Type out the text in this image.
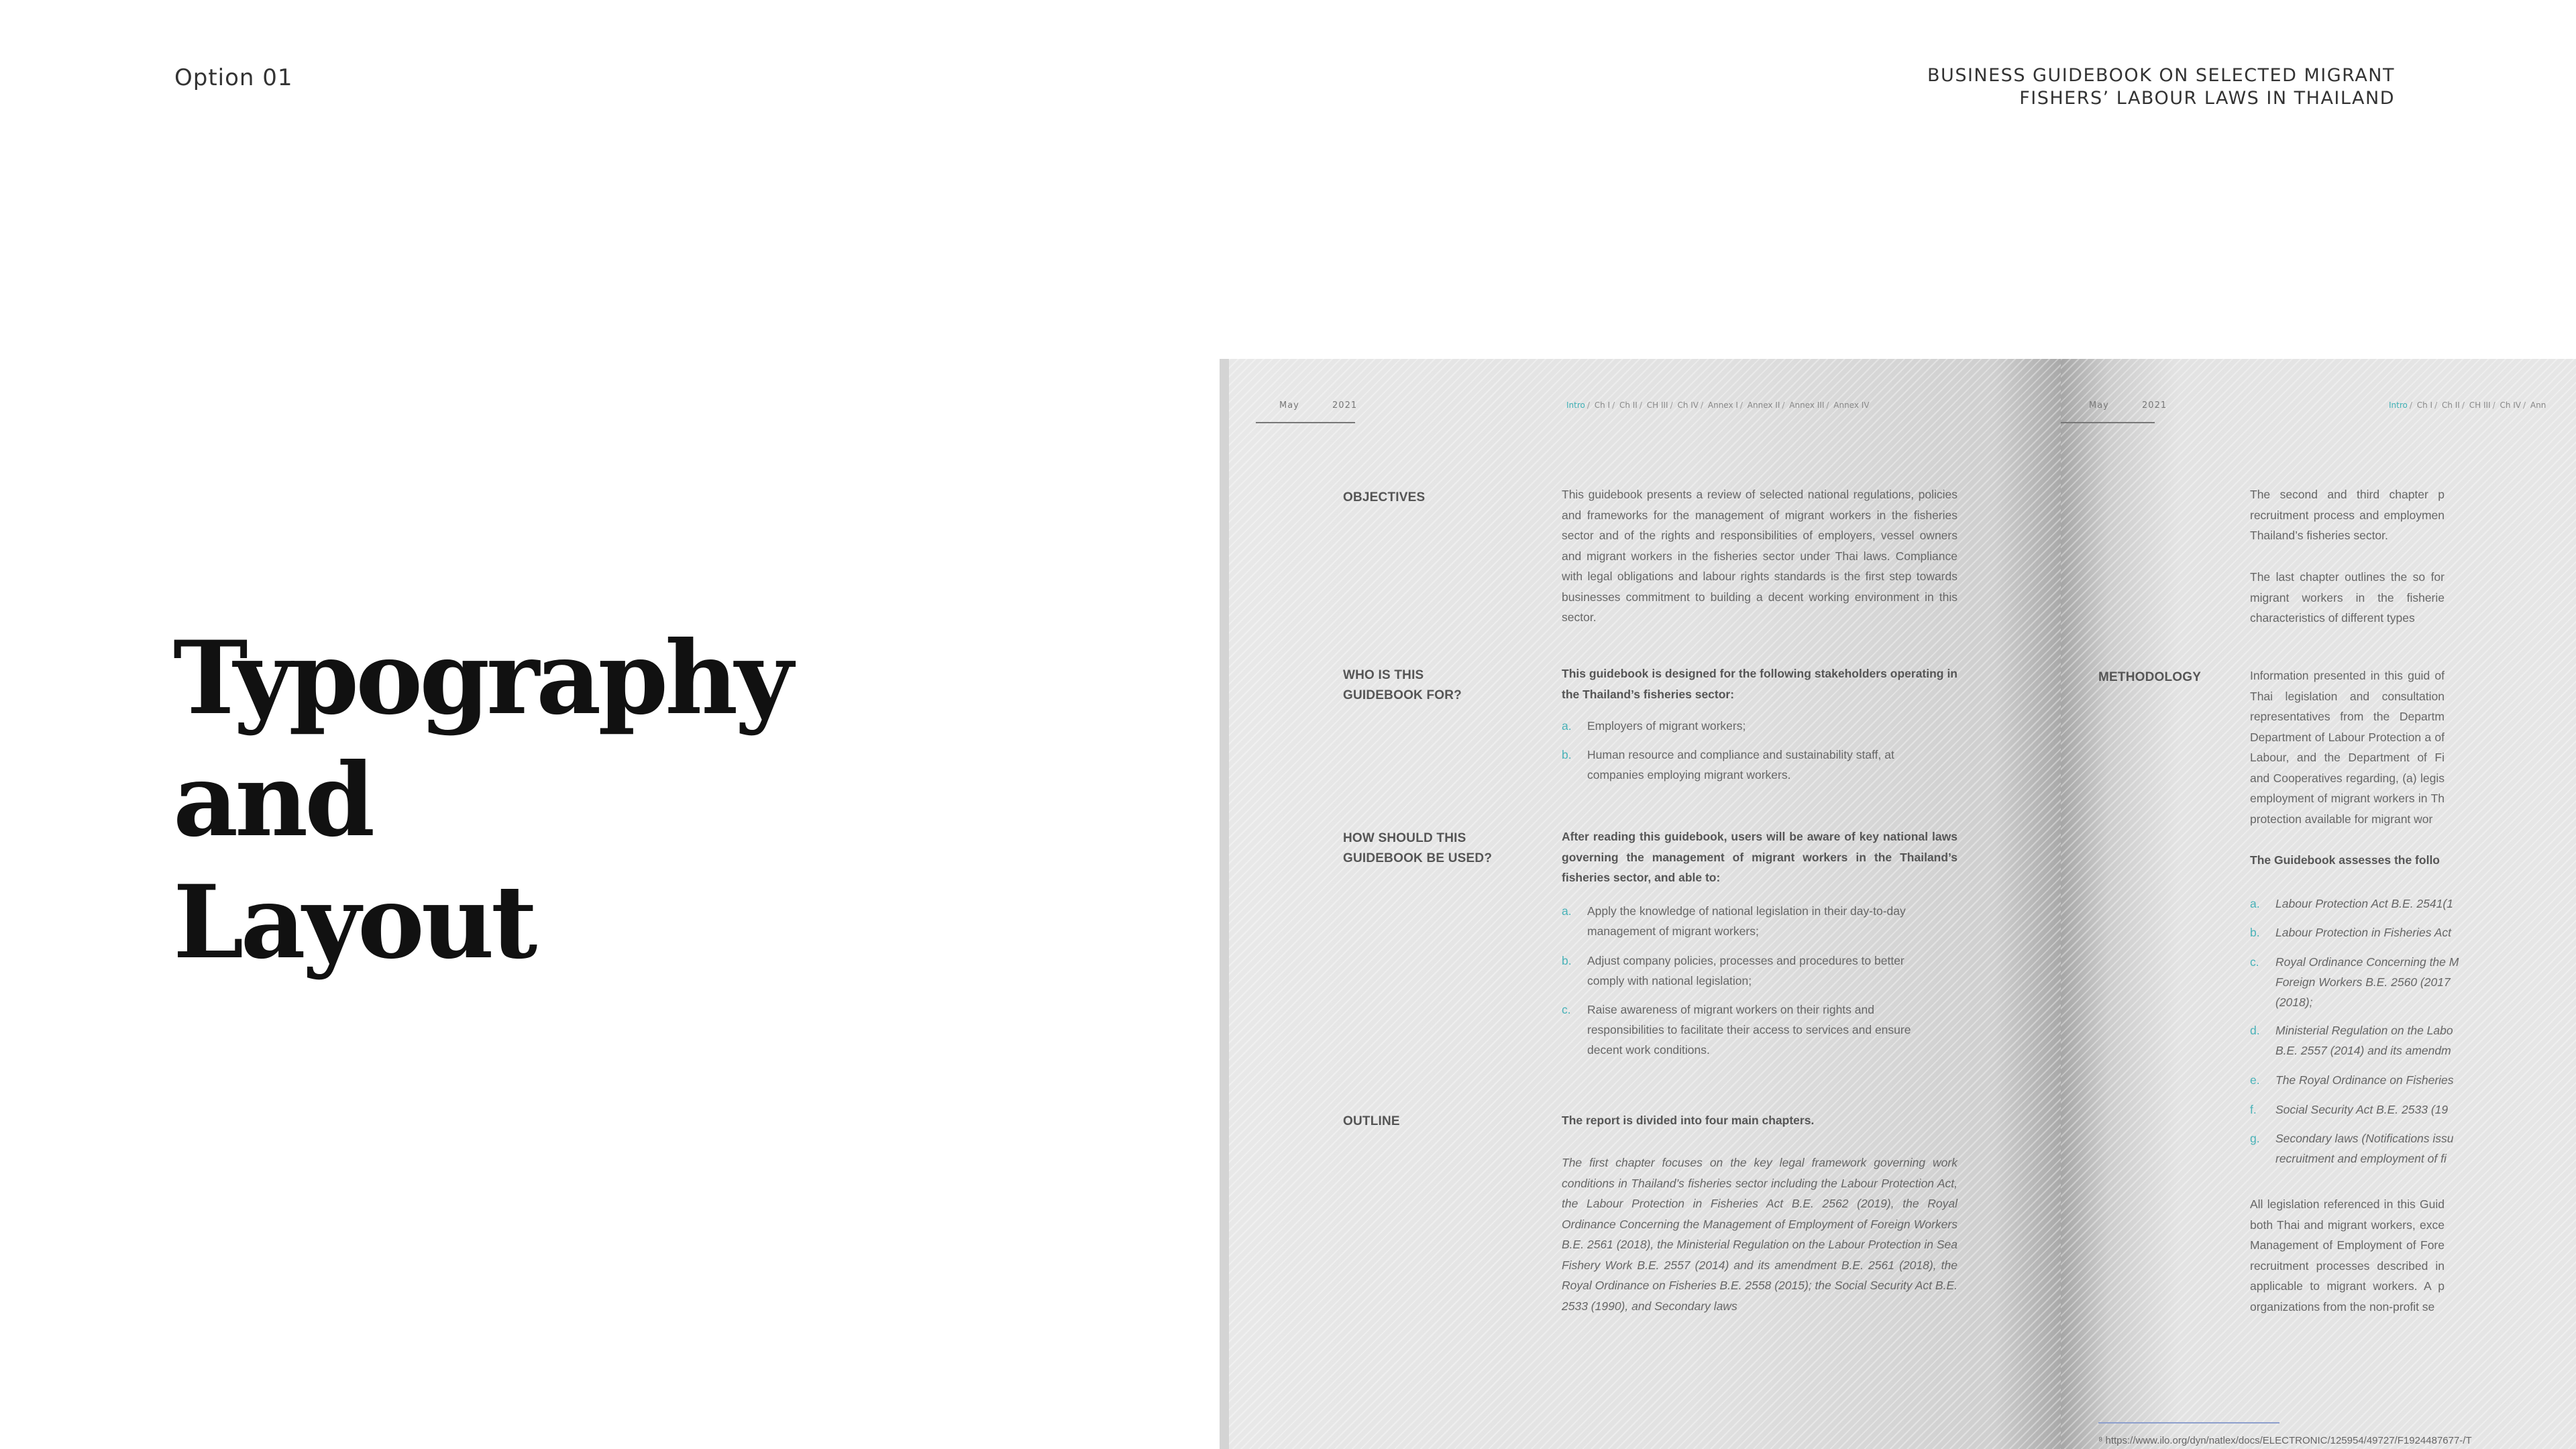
Option 01	BUSINESS GUIDEBOOK ON SELECTED MIGRANT
FISHERS’ LABOUR LAWS IN THAILAND
Typography and
Layout
May	2021	Intro / Ch I / Ch II / CH III / Ch IV / Annex I / Annex II / Annex III / Annex IV
OBJECTIVES	This guidebook presents a review of selected national regulations, policies and frameworks for the management of migrant workers in the fisheries sector and of the rights and responsibilities of employers, vessel owners and migrant workers in the fisheries sector under Thai laws. Compliance with legal obligations and labour rights standards is the first step towards businesses commitment to building a decent working environment in this sector.
WHO IS THIS GUIDEBOOK FOR?
This guidebook is designed for the following stakeholders operating in the Thailand’s fisheries sector:
a. Employers of migrant workers;
b. Human resource and compliance and sustainability staff, at
companies employing migrant workers.
HOW SHOULD THIS GUIDEBOOK BE USED?
After reading this guidebook, users will be aware of key national laws governing the management of migrant workers in the Thailand’s fisheries sector, and able to:
a. Apply the knowledge of national legislation in their day-to-day
management of migrant workers;
b. Adjust company policies, processes and procedures to better
comply with national legislation;
c. Raise awareness of migrant workers on their rights and
responsibilities to facilitate their access to services and ensure
decent work conditions.
OUTLINE	The report is divided into four main chapters.
The first chapter focuses on the key legal framework governing work conditions in Thailand’s fisheries sector including the Labour Protection Act, the Labour Protection in Fisheries Act B.E. 2562 (2019), the Royal Ordinance Concerning the Management of Employment of Foreign Workers B.E. 2561 (2018), the Ministerial Regulation on the Labour Protection in Sea Fishery Work B.E. 2557 (2014) and its amendment B.E. 2561 (2018), the Royal Ordinance on Fisheries B.E. 2558 (2015); the Social Security Act B.E. 2533 (1990), and Secondary laws
May	2021	Intro / Ch I / Ch II / CH III / Ch IV / Ann
The second and third chapter p recruitment process and employmen Thailand’s fisheries sector.
The last chapter outlines the so for migrant workers in the fisherie characteristics of different types
METHODOLOGY	Information presented in this guid of Thai legislation and consultation representatives from the Departm Department of Labour Protection a of Labour, and the Department of Fi and Cooperatives regarding, (a) legis employment of migrant workers in Th protection available for migrant wor
The Guidebook assesses the follo
a. Labour Protection Act B.E. 2541(1
b. Labour Protection in Fisheries Act
c. Royal Ordinance Concerning the M
Foreign Workers B.E. 2560 (2017
(2018);
d. Ministerial Regulation on the Labo
B.E. 2557 (2014) and its amendm
e. The Royal Ordinance on Fisheries
f. Social Security Act B.E. 2533 (19
g. Secondary laws (Notifications issu
recruitment and employment of fi
All legislation referenced in this Guid both Thai and migrant workers, exce Management of Employment of Fore recruitment processes described in applicable to migrant workers. A p organizations from the non-profit se
⁸ https://www.ilo.org/dyn/natlex/docs/ELECTRONIC/125954/49727/F1924487677-/T
